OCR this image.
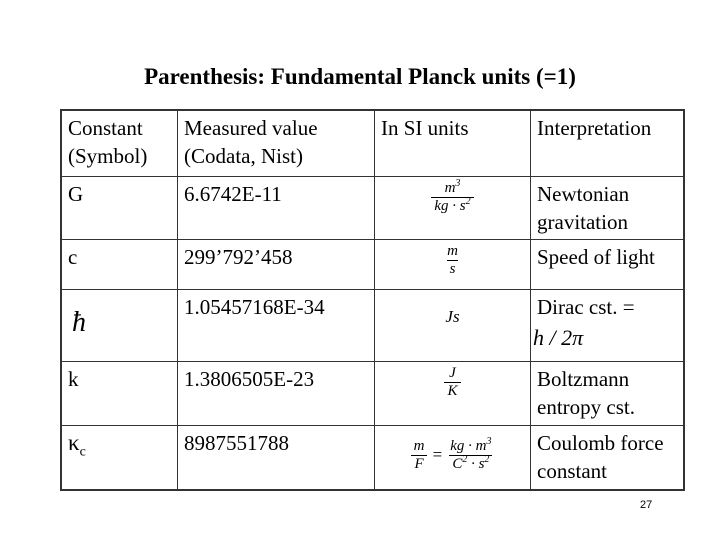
Parenthesis: Fundamental Planck units (=1)
Constant (Symbol)	Measured value (Codata, Nist)	In SI units	Interpretation
G	6.6742E-11	$\frac{m^3}{kg \cdot s^2}$	Newtonian gravitation
c	299’792’458	$\frac{m}{s}$	Speed of light
ħ	1.05457168E-34	Js	Dirac cst. =
h / 2π

k	1.3806505E-23	$\frac{J}{K}$	Boltzmann entropy cst.
$\kappa_c$	8987551788	$\frac{m}{F} = \frac{kg \cdot m^3}{C^2 \cdot s^2}$	Coulomb force constant
27
